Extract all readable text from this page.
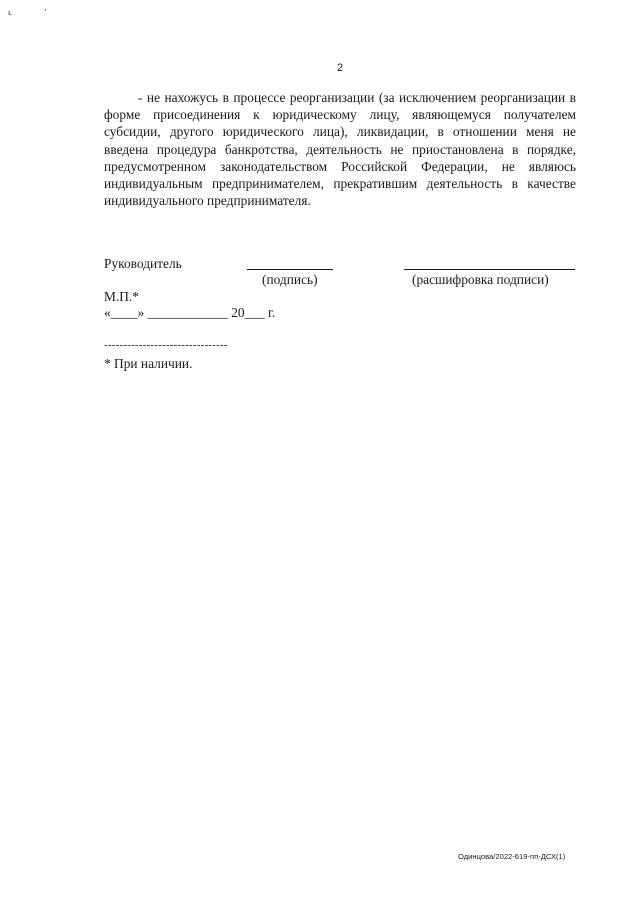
ւ	ʼ
2

- не нахожусь в процессе реорганизации (за исключением реорганизации в форме присоединения к юридическому лицу, являющемуся получателем субсидии, другого юридического лица), ликвидации, в отношении меня не введена процедура банкротства, деятельность не приостановлена в порядке, предусмотренном законодательством Российской Федерации, не являюсь индивидуальным предпринимателем, прекратившим деятельность в качестве индивидуального предпринимателя.

Руководитель
(подпись)	(расшифровка подписи)
М.П.*
«____» ____________ 20___ г.
--------------------------------
* При наличии.
Одинцова/2022-619-пп-ДСХ(1)
